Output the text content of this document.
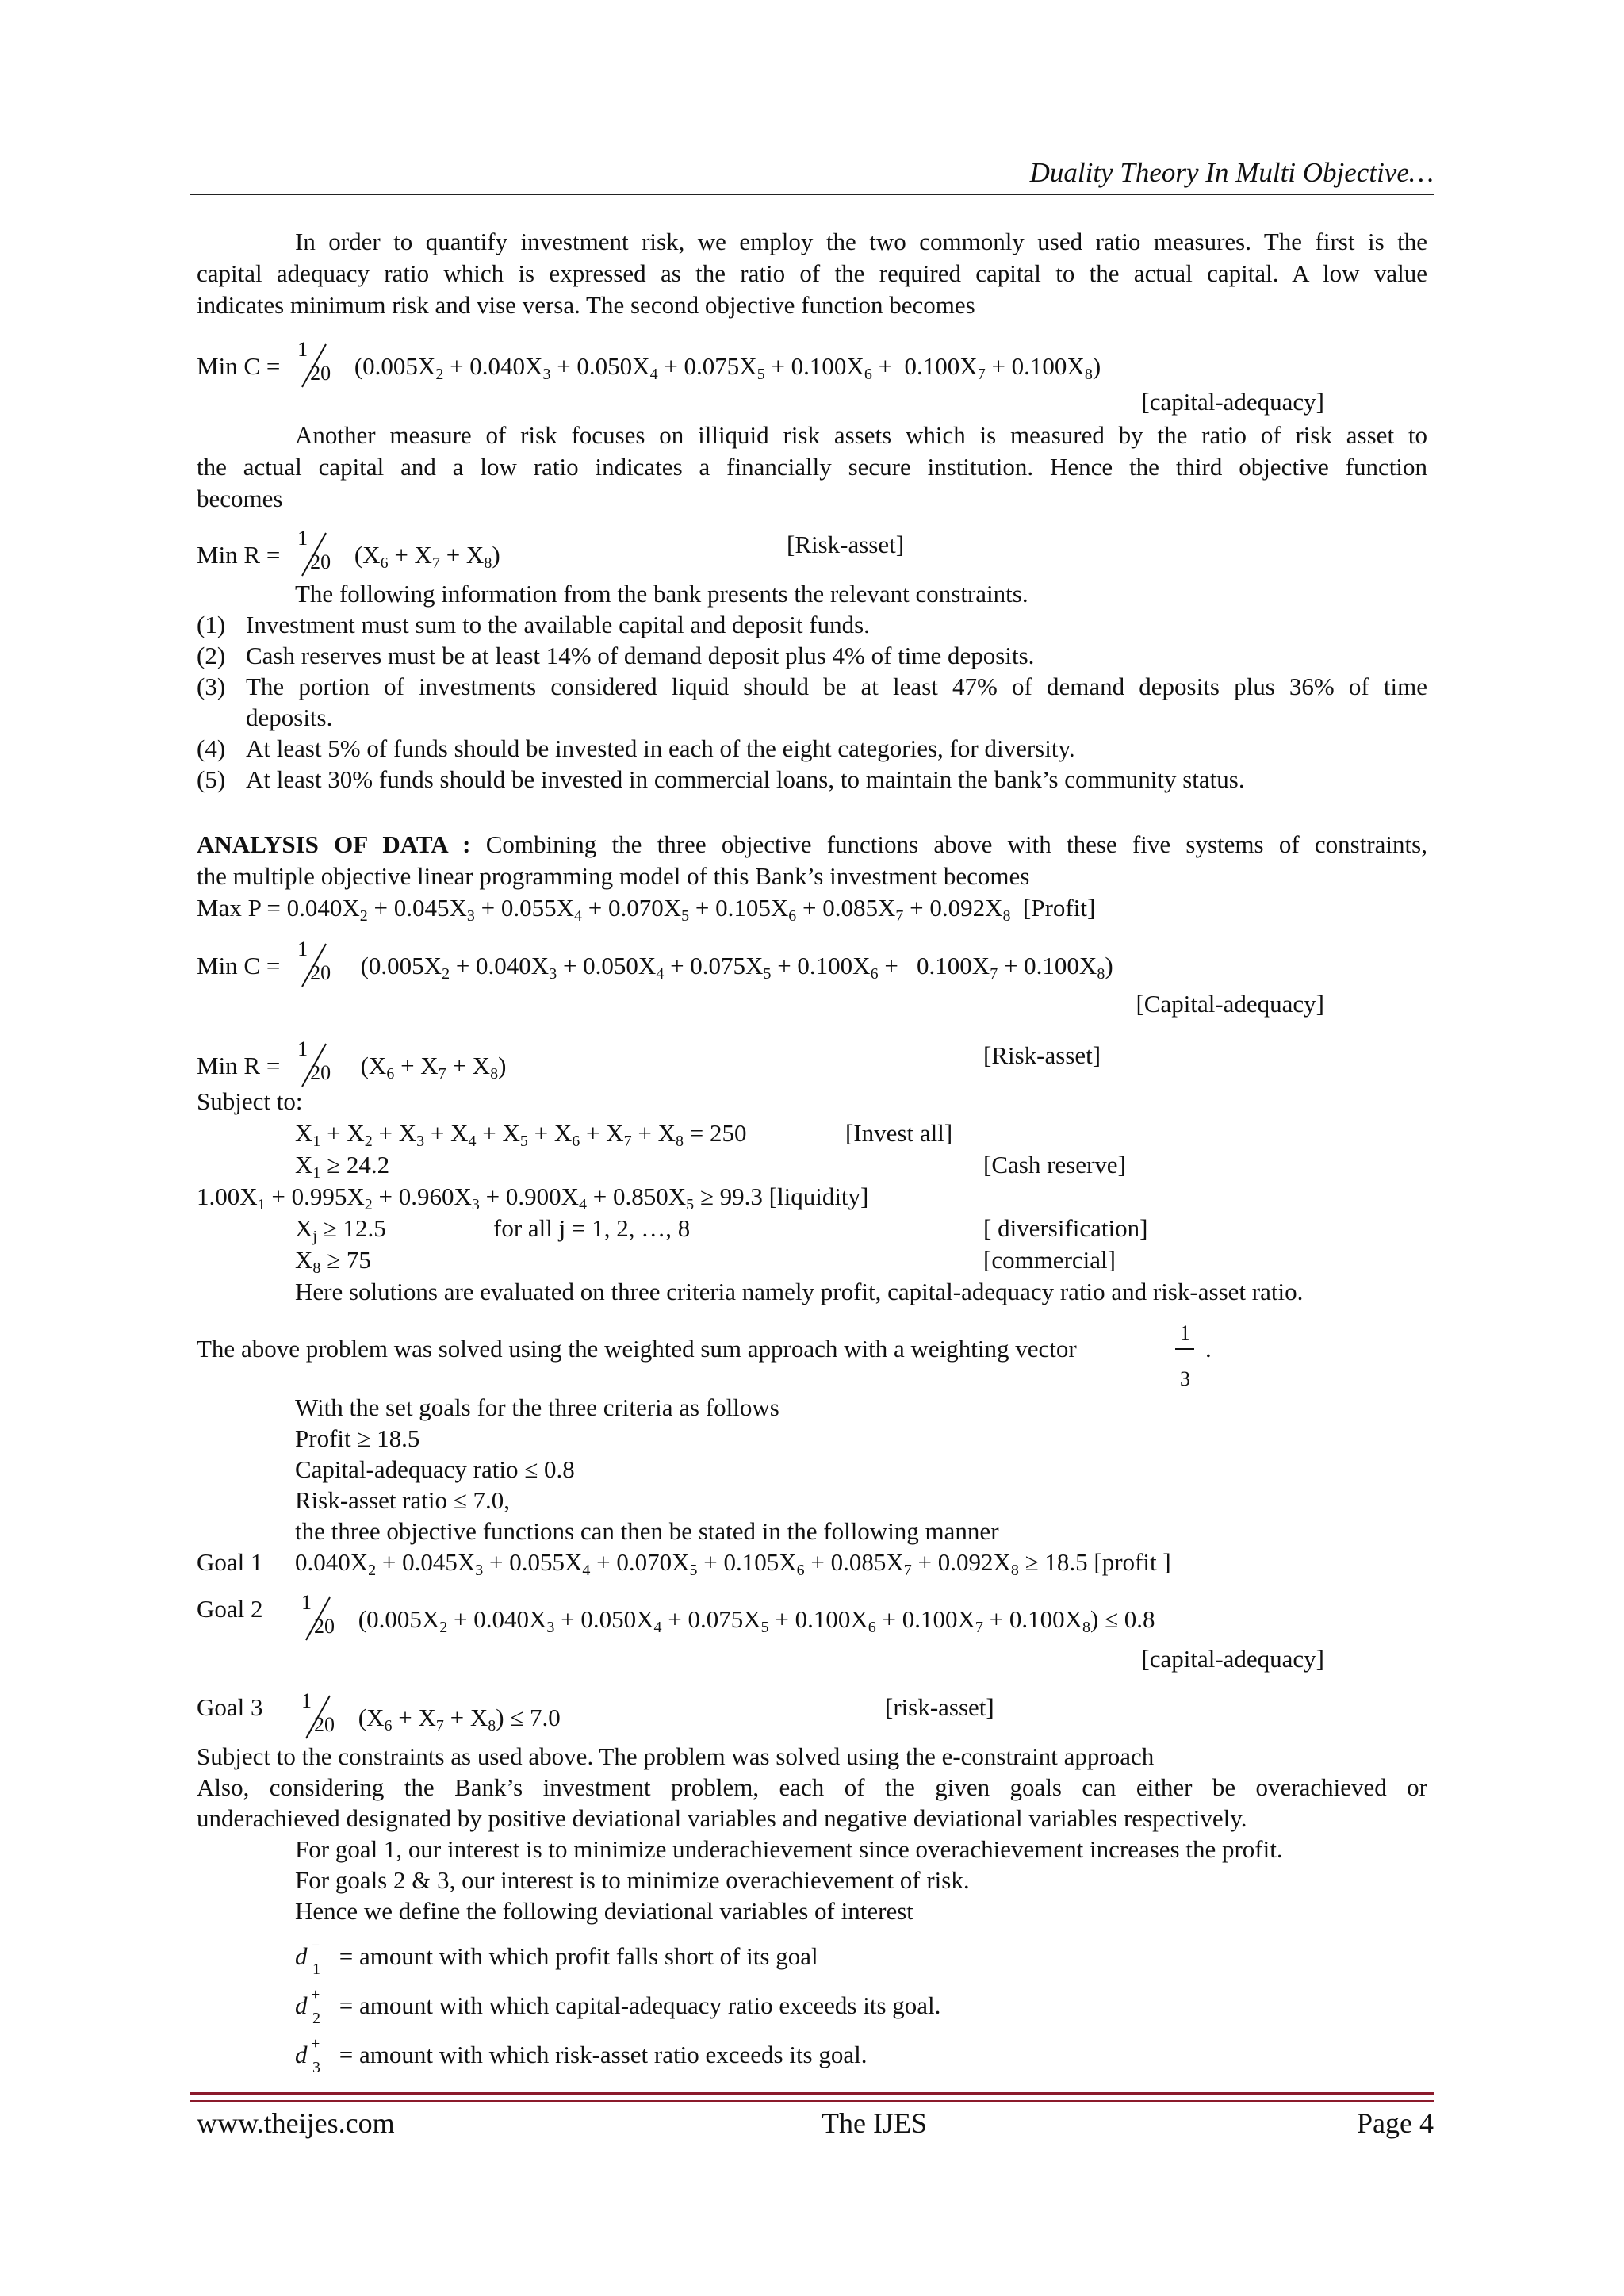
Duality Theory In Multi Objective…
In order to quantify investment risk, we employ the two commonly used ratio measures. The first is the
capital adequacy ratio which is expressed as the ratio of the required capital to the actual capital. A low value
indicates minimum risk and vise versa. The second objective function becomes
Min C =
1
20 $(0.005X_2 + 0.040X_3 + 0.050X_4 + 0.075X_5 + 0.100X_6 + 0.100X_7 + 0.100X_8)$
[capital-adequacy]
Another measure of risk focuses on illiquid risk assets which is measured by the ratio of risk asset to
the actual capital and a low ratio indicates a financially secure institution. Hence the third objective function
becomes
Min R =
1
20 $(X_6 + X_7 + X_8)$	[Risk-asset]
The following information from the bank presents the relevant constraints.
(1) Investment must sum to the available capital and deposit funds.
(2) Cash reserves must be at least 14% of demand deposit plus 4% of time deposits.
(3) The portion of investments considered liquid should be at least 47% of demand deposits plus 36% of time
deposits.
(4) At least 5% of funds should be invested in each of the eight categories, for diversity.
(5) At least 30% funds should be invested in commercial loans, to maintain the bank’s community status.
ANALYSIS OF DATA : Combining the three objective functions above with these five systems of constraints,
the multiple objective linear programming model of this Bank’s investment becomes
Max $P = 0.040X_2 + 0.045X_3 + 0.055X_4 + 0.070X_5 + 0.105X_6 + 0.085X_7 + 0.092X_8$ [Profit]
Min C =
1
20 $(0.005X_2 + 0.040X_3 + 0.050X_4 + 0.075X_5 + 0.100X_6 + 0.100X_7 + 0.100X_8)$
[Capital-adequacy]
Min R =
1
20 $(X_6 + X_7 + X_8)$	[Risk-asset]
Subject to:
$X_1 + X_2 + X_3 + X_4 + X_5 + X_6 + X_7 + X_8 = 250$	[Invest all]
$X_1 \ge 24.2$	[Cash reserve]
$1.00X_1 + 0.995X_2 + 0.960X_3 + 0.900X_4 + 0.850X_5 \ge 99.3$ [liquidity]
$X_j \ge 12.5$	for all j = 1, 2, …, 8	[ diversification]
$X_8 \ge 75$	[commercial]
Here solutions are evaluated on three criteria namely profit, capital-adequacy ratio and risk-asset ratio.
The above problem was solved using the weighted sum approach with a weighting vector
1
3
.
With the set goals for the three criteria as follows
Profit ≥ 18.5
Capital-adequacy ratio ≤ 0.8
Risk-asset ratio ≤ 7.0,
the three objective functions can then be stated in the following manner
Goal 1 $0.040X_2 + 0.045X_3 + 0.055X_4 + 0.070X_5 + 0.105X_6 + 0.085X_7 + 0.092X_8 \ge 18.5$ [profit ]
Goal 2 1
20 $(0.005X_2 + 0.040X_3 + 0.050X_4 + 0.075X_5 + 0.100X_6 + 0.100X_7 + 0.100X_8) \le 0.8$
[capital-adequacy]
Goal 3 1
20 $(X_6 + X_7 + X_8) \le 7.0$	[risk-asset]
Subject to the constraints as used above. The problem was solved using the e-constraint approach
Also, considering the Bank’s investment problem, each of the given goals can either be overachieved or
underachieved designated by positive deviational variables and negative deviational variables respectively.
For goal 1, our interest is to minimize underachievement since overachievement increases the profit.
For goals 2 & 3, our interest is to minimize overachievement of risk.
Hence we define the following deviational variables of interest
d −
1 = amount with which profit falls short of its goal
d +
2 = amount with which capital-adequacy ratio exceeds its goal.
d +
3 = amount with which risk-asset ratio exceeds its goal.
www.theijes.com	The IJES	Page 4
